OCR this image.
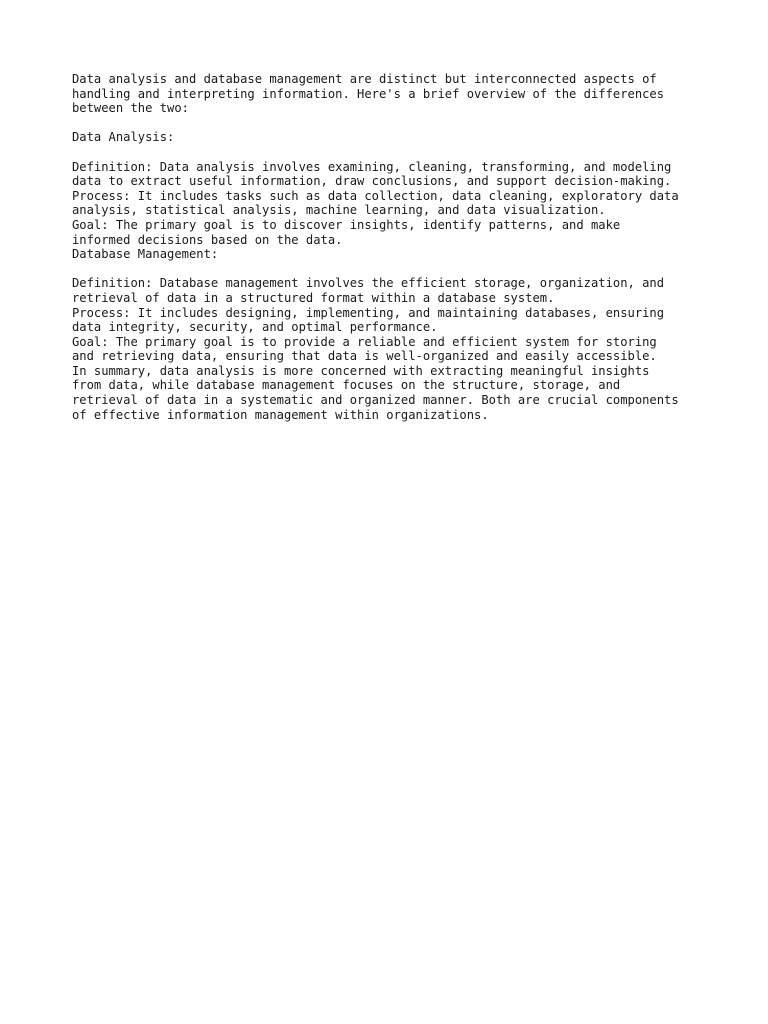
Data analysis and database management are distinct but interconnected aspects of
handling and interpreting information. Here's a brief overview of the differences
between the two:
Data Analysis:
Definition: Data analysis involves examining, cleaning, transforming, and modeling
data to extract useful information, draw conclusions, and support decision-making.
Process: It includes tasks such as data collection, data cleaning, exploratory data
analysis, statistical analysis, machine learning, and data visualization.
Goal: The primary goal is to discover insights, identify patterns, and make
informed decisions based on the data.
Database Management:
Definition: Database management involves the efficient storage, organization, and
retrieval of data in a structured format within a database system.
Process: It includes designing, implementing, and maintaining databases, ensuring
data integrity, security, and optimal performance.
Goal: The primary goal is to provide a reliable and efficient system for storing
and retrieving data, ensuring that data is well-organized and easily accessible.
In summary, data analysis is more concerned with extracting meaningful insights
from data, while database management focuses on the structure, storage, and
retrieval of data in a systematic and organized manner. Both are crucial components
of effective information management within organizations.
